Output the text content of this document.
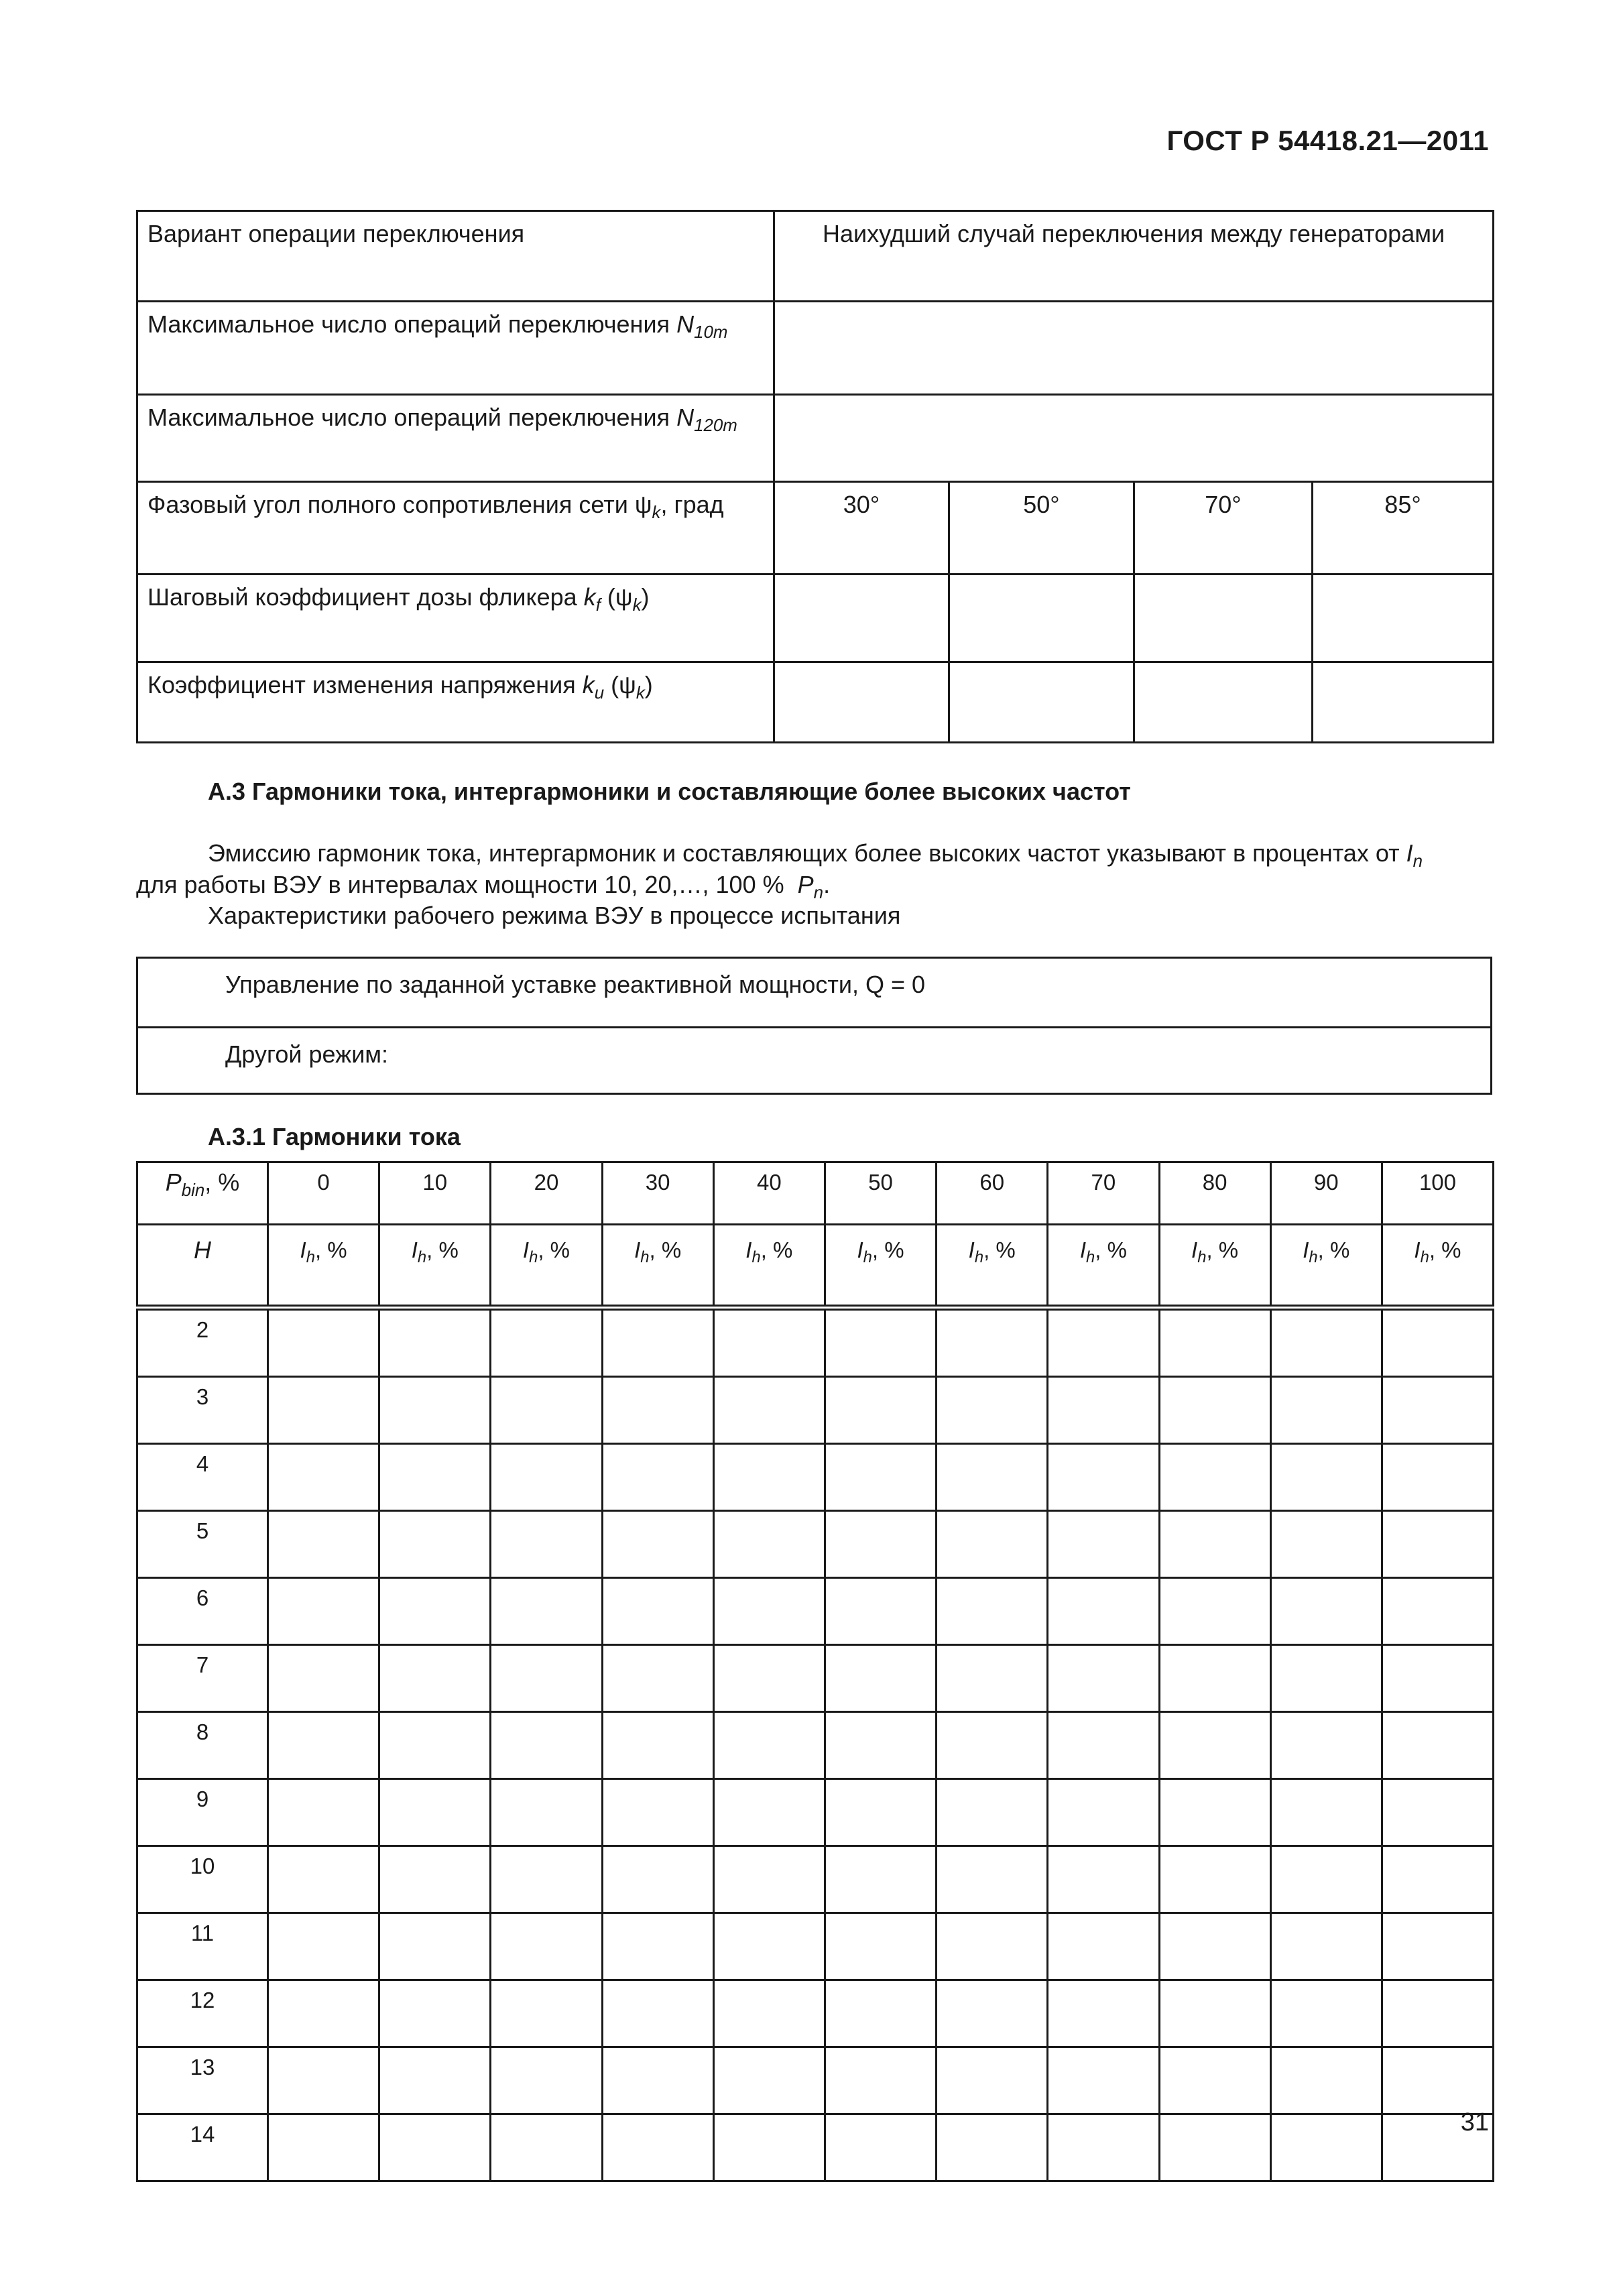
ГОСТ Р 54418.21—2011
Вариант операции переключения	Наихудший случай переключения между генераторами			
Максимальное число операций переключения $N_{10m}$	
Максимальное число операций переключения $N_{120m}$	
Фазовый угол полного сопротивления сети $\psi_k$, град	30°	50°	70°	85°
Шаговый коэффициент дозы фликера $k_f$ $(\psi_k)$				
Коэффициент изменения напряжения $k_u$ $(\psi_k)$				
А.3 Гармоники тока, интергармоники и составляющие более высоких частот
Эмиссию гармоник тока, интергармоник и составляющих более высоких частот указывают в процентах от $I_n$
для работы ВЭУ в интервалах мощности 10, 20,…, 100 % $P_n$.
Характеристики рабочего режима ВЭУ в процессе испытания
Управление по заданной уставке реактивной мощности, Q = 0
Другой режим:
А.3.1 Гармоники тока
$P_{bin}$, %	0	10	20	30	40	50	60	70	80	90	100
H	$I_h$, %	$I_h$, %	$I_h$, %	$I_h$, %	$I_h$, %	$I_h$, %	$I_h$, %	$I_h$, %	$I_h$, %	$I_h$, %	$I_h$, %
2											
3											
4											
5											
6											
7											
8											
9											
10											
11											
12											
13											
14												31
